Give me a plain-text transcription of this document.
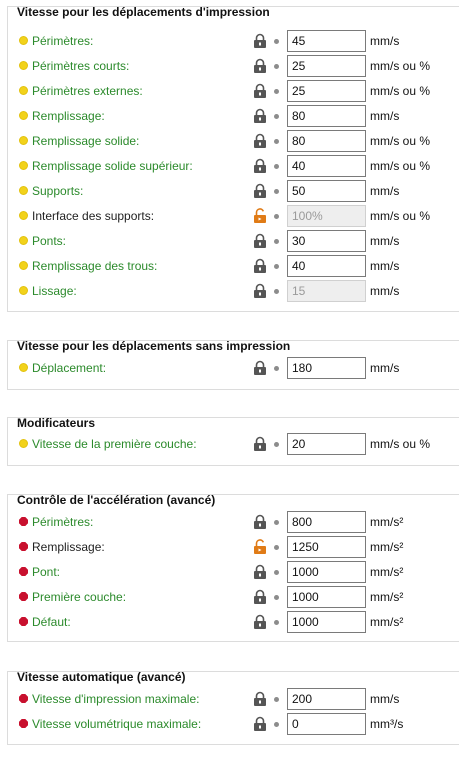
Vitesse pour les déplacements d'impression
Périmètres:	45	mm/s
Périmètres courts:	25	mm/s ou %
Périmètres externes:	25	mm/s ou %
Remplissage:	80	mm/s
Remplissage solide:	80	mm/s ou %
Remplissage solide supérieur:	40	mm/s ou %
Supports:	50	mm/s
Interface des supports:	100%	mm/s ou %
Ponts:	30	mm/s
Remplissage des trous:	40	mm/s
Lissage:	15	mm/s
Vitesse pour les déplacements sans impression
Déplacement:	180	mm/s
Modificateurs
Vitesse de la première couche:	20	mm/s ou %
Contrôle de l'accélération (avancé)
Périmètres:	800	mm/s²
Remplissage:	1250	mm/s²
Pont:	1000	mm/s²
Première couche:	1000	mm/s²
Défaut:	1000	mm/s²
Vitesse automatique (avancé)
Vitesse d'impression maximale:	200	mm/s
Vitesse volumétrique maximale:	0	mm³/s
